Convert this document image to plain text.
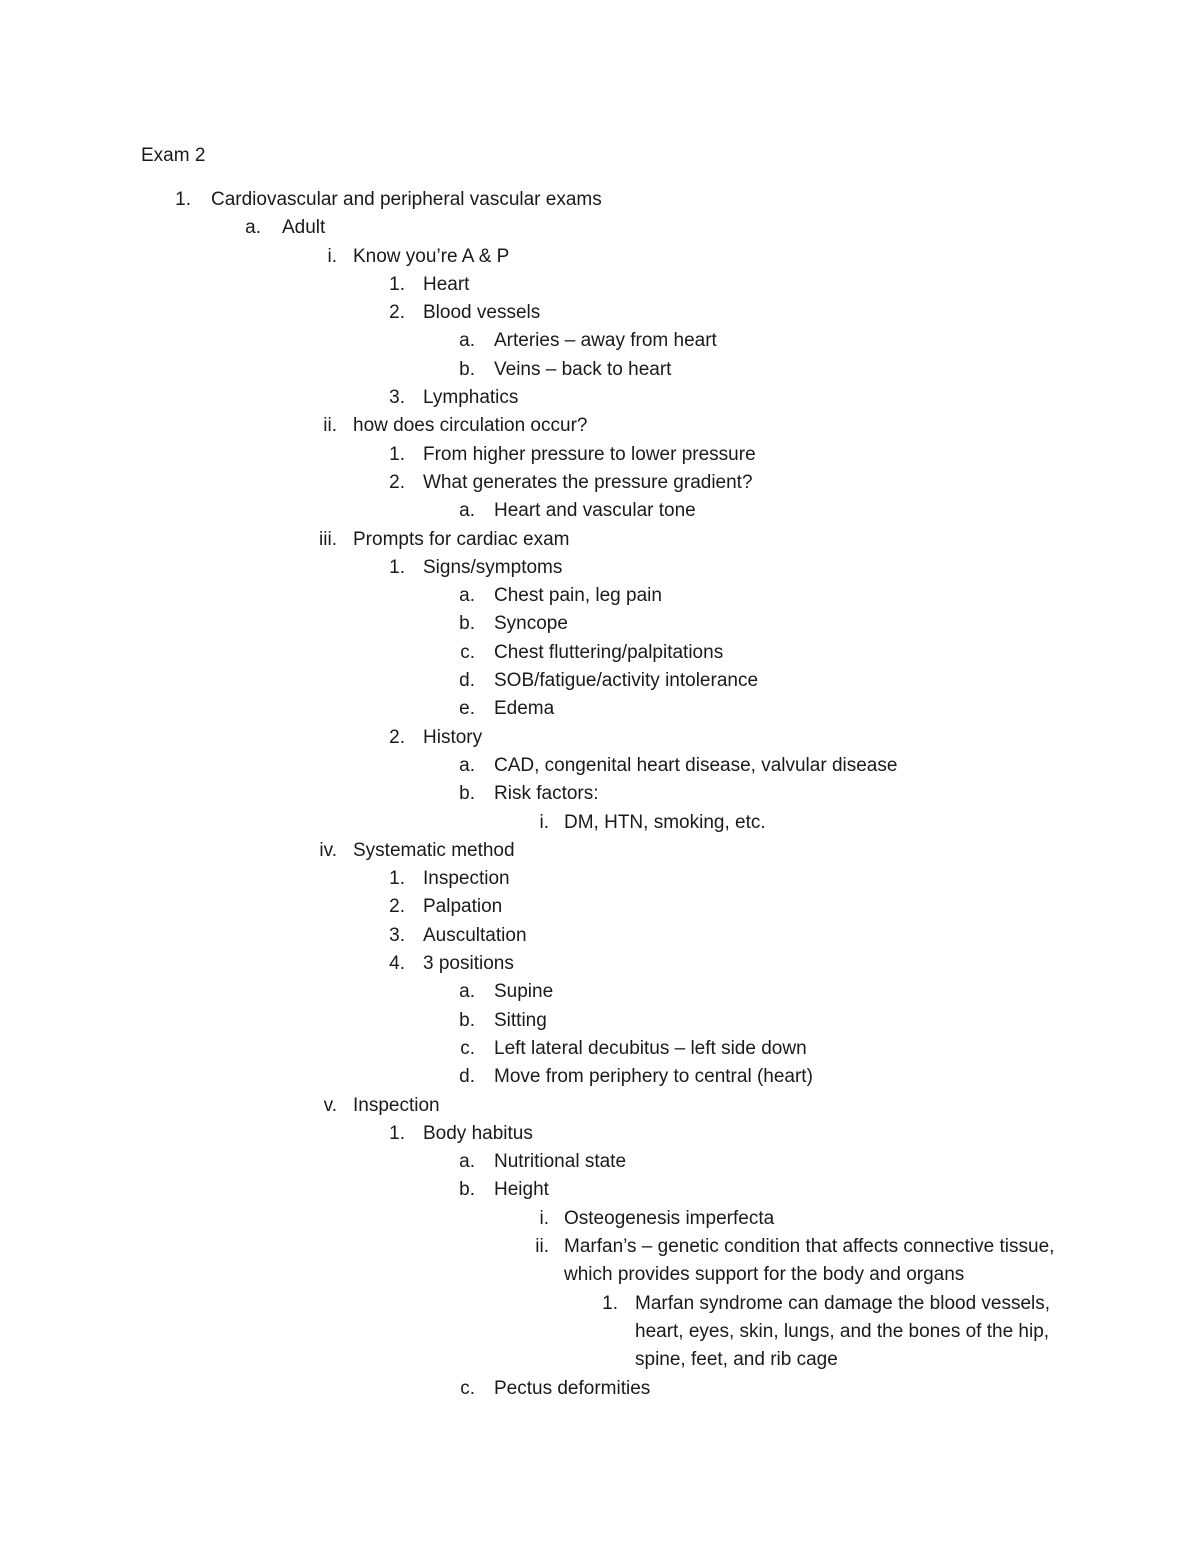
Exam 2
1. Cardiovascular and peripheral vascular exams
a. Adult
i. Know you’re A & P
1. Heart
2. Blood vessels
a. Arteries – away from heart
b. Veins – back to heart
3. Lymphatics
ii. how does circulation occur?
1. From higher pressure to lower pressure
2. What generates the pressure gradient?
a. Heart and vascular tone
iii. Prompts for cardiac exam
1. Signs/symptoms
a. Chest pain, leg pain
b. Syncope
c. Chest fluttering/palpitations
d. SOB/fatigue/activity intolerance
e. Edema
2. History
a. CAD, congenital heart disease, valvular disease
b. Risk factors:
i. DM, HTN, smoking, etc.
iv. Systematic method
1. Inspection
2. Palpation
3. Auscultation
4. 3 positions
a. Supine
b. Sitting
c. Left lateral decubitus – left side down
d. Move from periphery to central (heart)
v. Inspection
1. Body habitus
a. Nutritional state
b. Height
i. Osteogenesis imperfecta
ii. Marfan’s – genetic condition that affects connective tissue, which provides support for the body and organs
1. Marfan syndrome can damage the blood vessels, heart, eyes, skin, lungs, and the bones of the hip, spine, feet, and rib cage
c. Pectus deformities
